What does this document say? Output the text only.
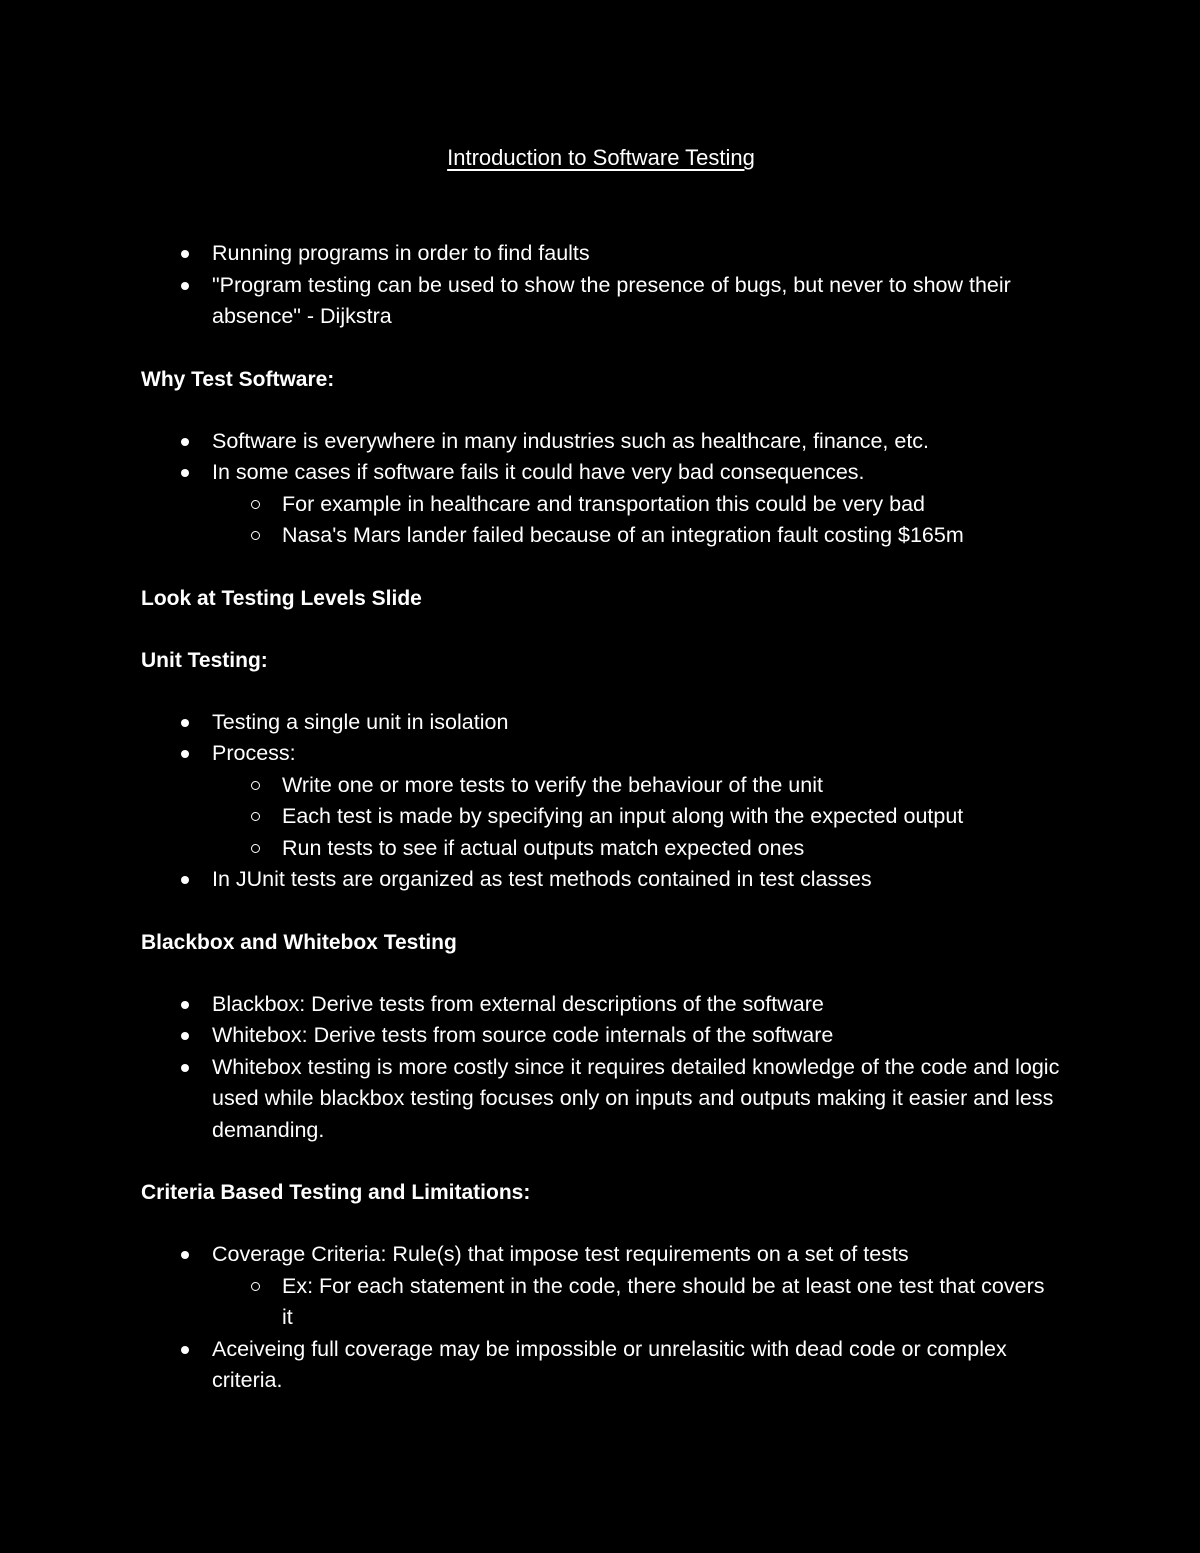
Introduction to Software Testing
Running programs in order to find faults
"Program testing can be used to show the presence of bugs, but never to show their absence" - Dijkstra
Why Test Software:
Software is everywhere in many industries such as healthcare, finance, etc.
In some cases if software fails it could have very bad consequences.
For example in healthcare and transportation this could be very bad
Nasa's Mars lander failed because of an integration fault costing $165m
Look at Testing Levels Slide
Unit Testing:
Testing a single unit in isolation
Process:
Write one or more tests to verify the behaviour of the unit
Each test is made by specifying an input along with the expected output
Run tests to see if actual outputs match expected ones
In JUnit tests are organized as test methods contained in test classes
Blackbox and Whitebox Testing
Blackbox: Derive tests from external descriptions of the software
Whitebox: Derive tests from source code internals of the software
Whitebox testing is more costly since it requires detailed knowledge of the code and logic used while blackbox testing focuses only on inputs and outputs making it easier and less demanding.
Criteria Based Testing and Limitations:
Coverage Criteria: Rule(s) that impose test requirements on a set of tests
Ex: For each statement in the code, there should be at least one test that covers it
Aceiveing full coverage may be impossible or unrelasitic with dead code or complex criteria.
